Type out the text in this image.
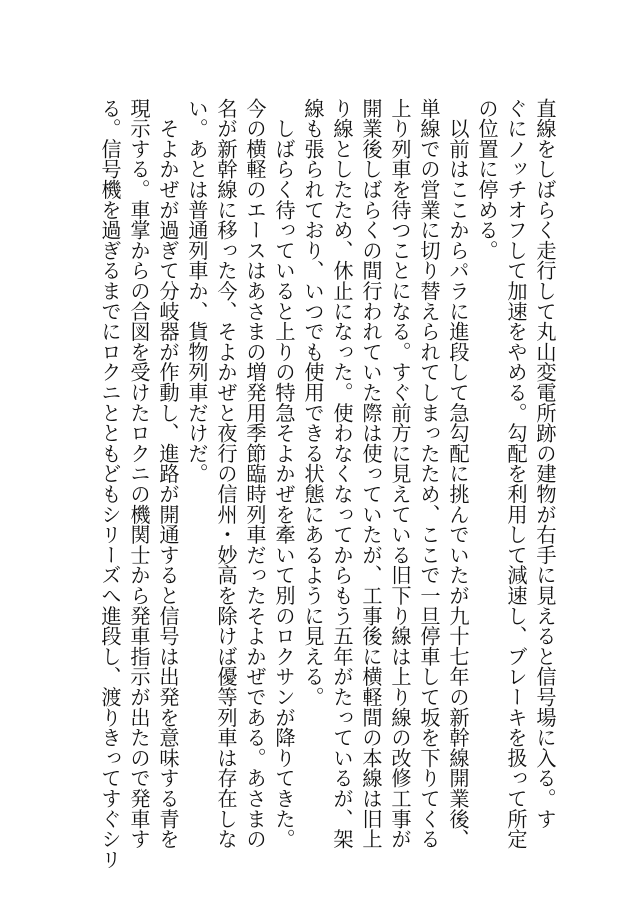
直線をしばらく走行して丸山変電所跡の建物が右手に見えると信号場に入る。す

ぐにノッチオフして加速をやめる。勾配を利用して減速し、ブレーキを扱って所定

の位置に停める。

　以前はここからパラに進段して急勾配に挑んでいたが九十七年の新幹線開業後、

単線での営業に切り替えられてしまったため、ここで一旦停車して坂を下りてくる

上り列車を待つことになる。すぐ前方に見えている旧下り線は上り線の改修工事が

開業後しばらくの間行われていた際は使っていたが、工事後に横軽間の本線は旧上

り線としたため、休止になった。使わなくなってからもう五年がたっているが、架

線も張られており、いつでも使用できる状態にあるように見える。

　しばらく待っていると上りの特急そよかぜを牽いて別のロクサンが降りてきた。

今の横軽のエースはあさまの増発用季節臨時列車だったそよかぜである。あさまの

名が新幹線に移った今、そよかぜと夜行の信州・妙高を除けば優等列車は存在しな

い。あとは普通列車か、貨物列車だけだ。

　そよかぜが過ぎて分岐器が作動し、進路が開通すると信号は出発を意味する青を

現示する。車掌からの合図を受けたロクニの機関士から発車指示が出たので発車す

る。信号機を過ぎるまでにロクニとともどもシリーズへ進段し、渡りきってすぐシリ
